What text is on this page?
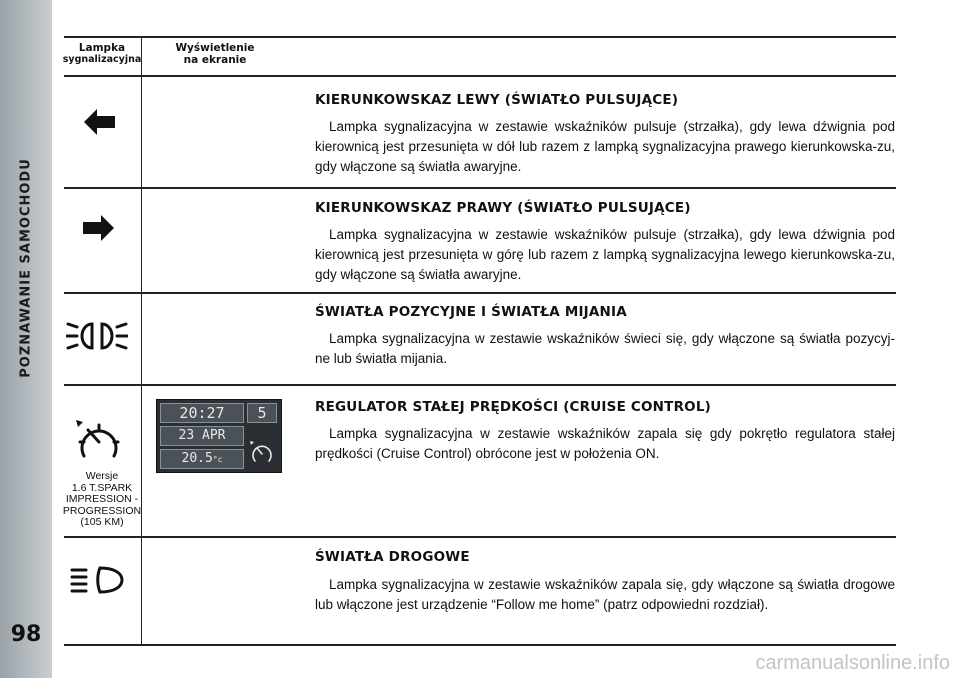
POZNAWANIE SAMOCHODU
98
Lampka
sygnalizacyjna
Wyświetlenie
na ekranie
KIERUNKOWSKAZ LEWY (ŚWIATŁO PULSUJĄCE)
Lampka sygnalizacyjna w zestawie wskaźników pulsuje (strzałka), gdy lewa dźwignia pod kierownicą jest przesunięta w dół lub razem z lampką sygnalizacyjna prawego kierunkowska-zu, gdy włączone są światła awaryjne.
KIERUNKOWSKAZ PRAWY (ŚWIATŁO PULSUJĄCE)
Lampka sygnalizacyjna w zestawie wskaźników pulsuje (strzałka), gdy lewa dźwignia pod kierownicą jest przesunięta w górę lub razem z lampką sygnalizacyjna lewego kierunkowska-zu, gdy włączone są światła awaryjne.
ŚWIATŁA POZYCYJNE I ŚWIATŁA MIJANIA
Lampka sygnalizacyjna w zestawie wskaźników świeci się, gdy włączone są światła pozycyj-ne lub światła mijania.
Wersje
1.6 T.SPARK
IMPRESSION -
PROGRESSION
(105 KM)
20:27	5
23 APR
20.5°c
REGULATOR STAŁEJ PRĘDKOŚCI (CRUISE CONTROL)
Lampka sygnalizacyjna w zestawie wskaźników zapala się gdy pokrętło regulatora stałej prędkości (Cruise Control) obrócone jest w położenia ON.
ŚWIATŁA DROGOWE
Lampka sygnalizacyjna w zestawie wskaźników zapala się, gdy włączone są światła drogowe lub włączone jest urządzenie “Follow me home” (patrz odpowiedni rozdział).
carmanualsonline.info
